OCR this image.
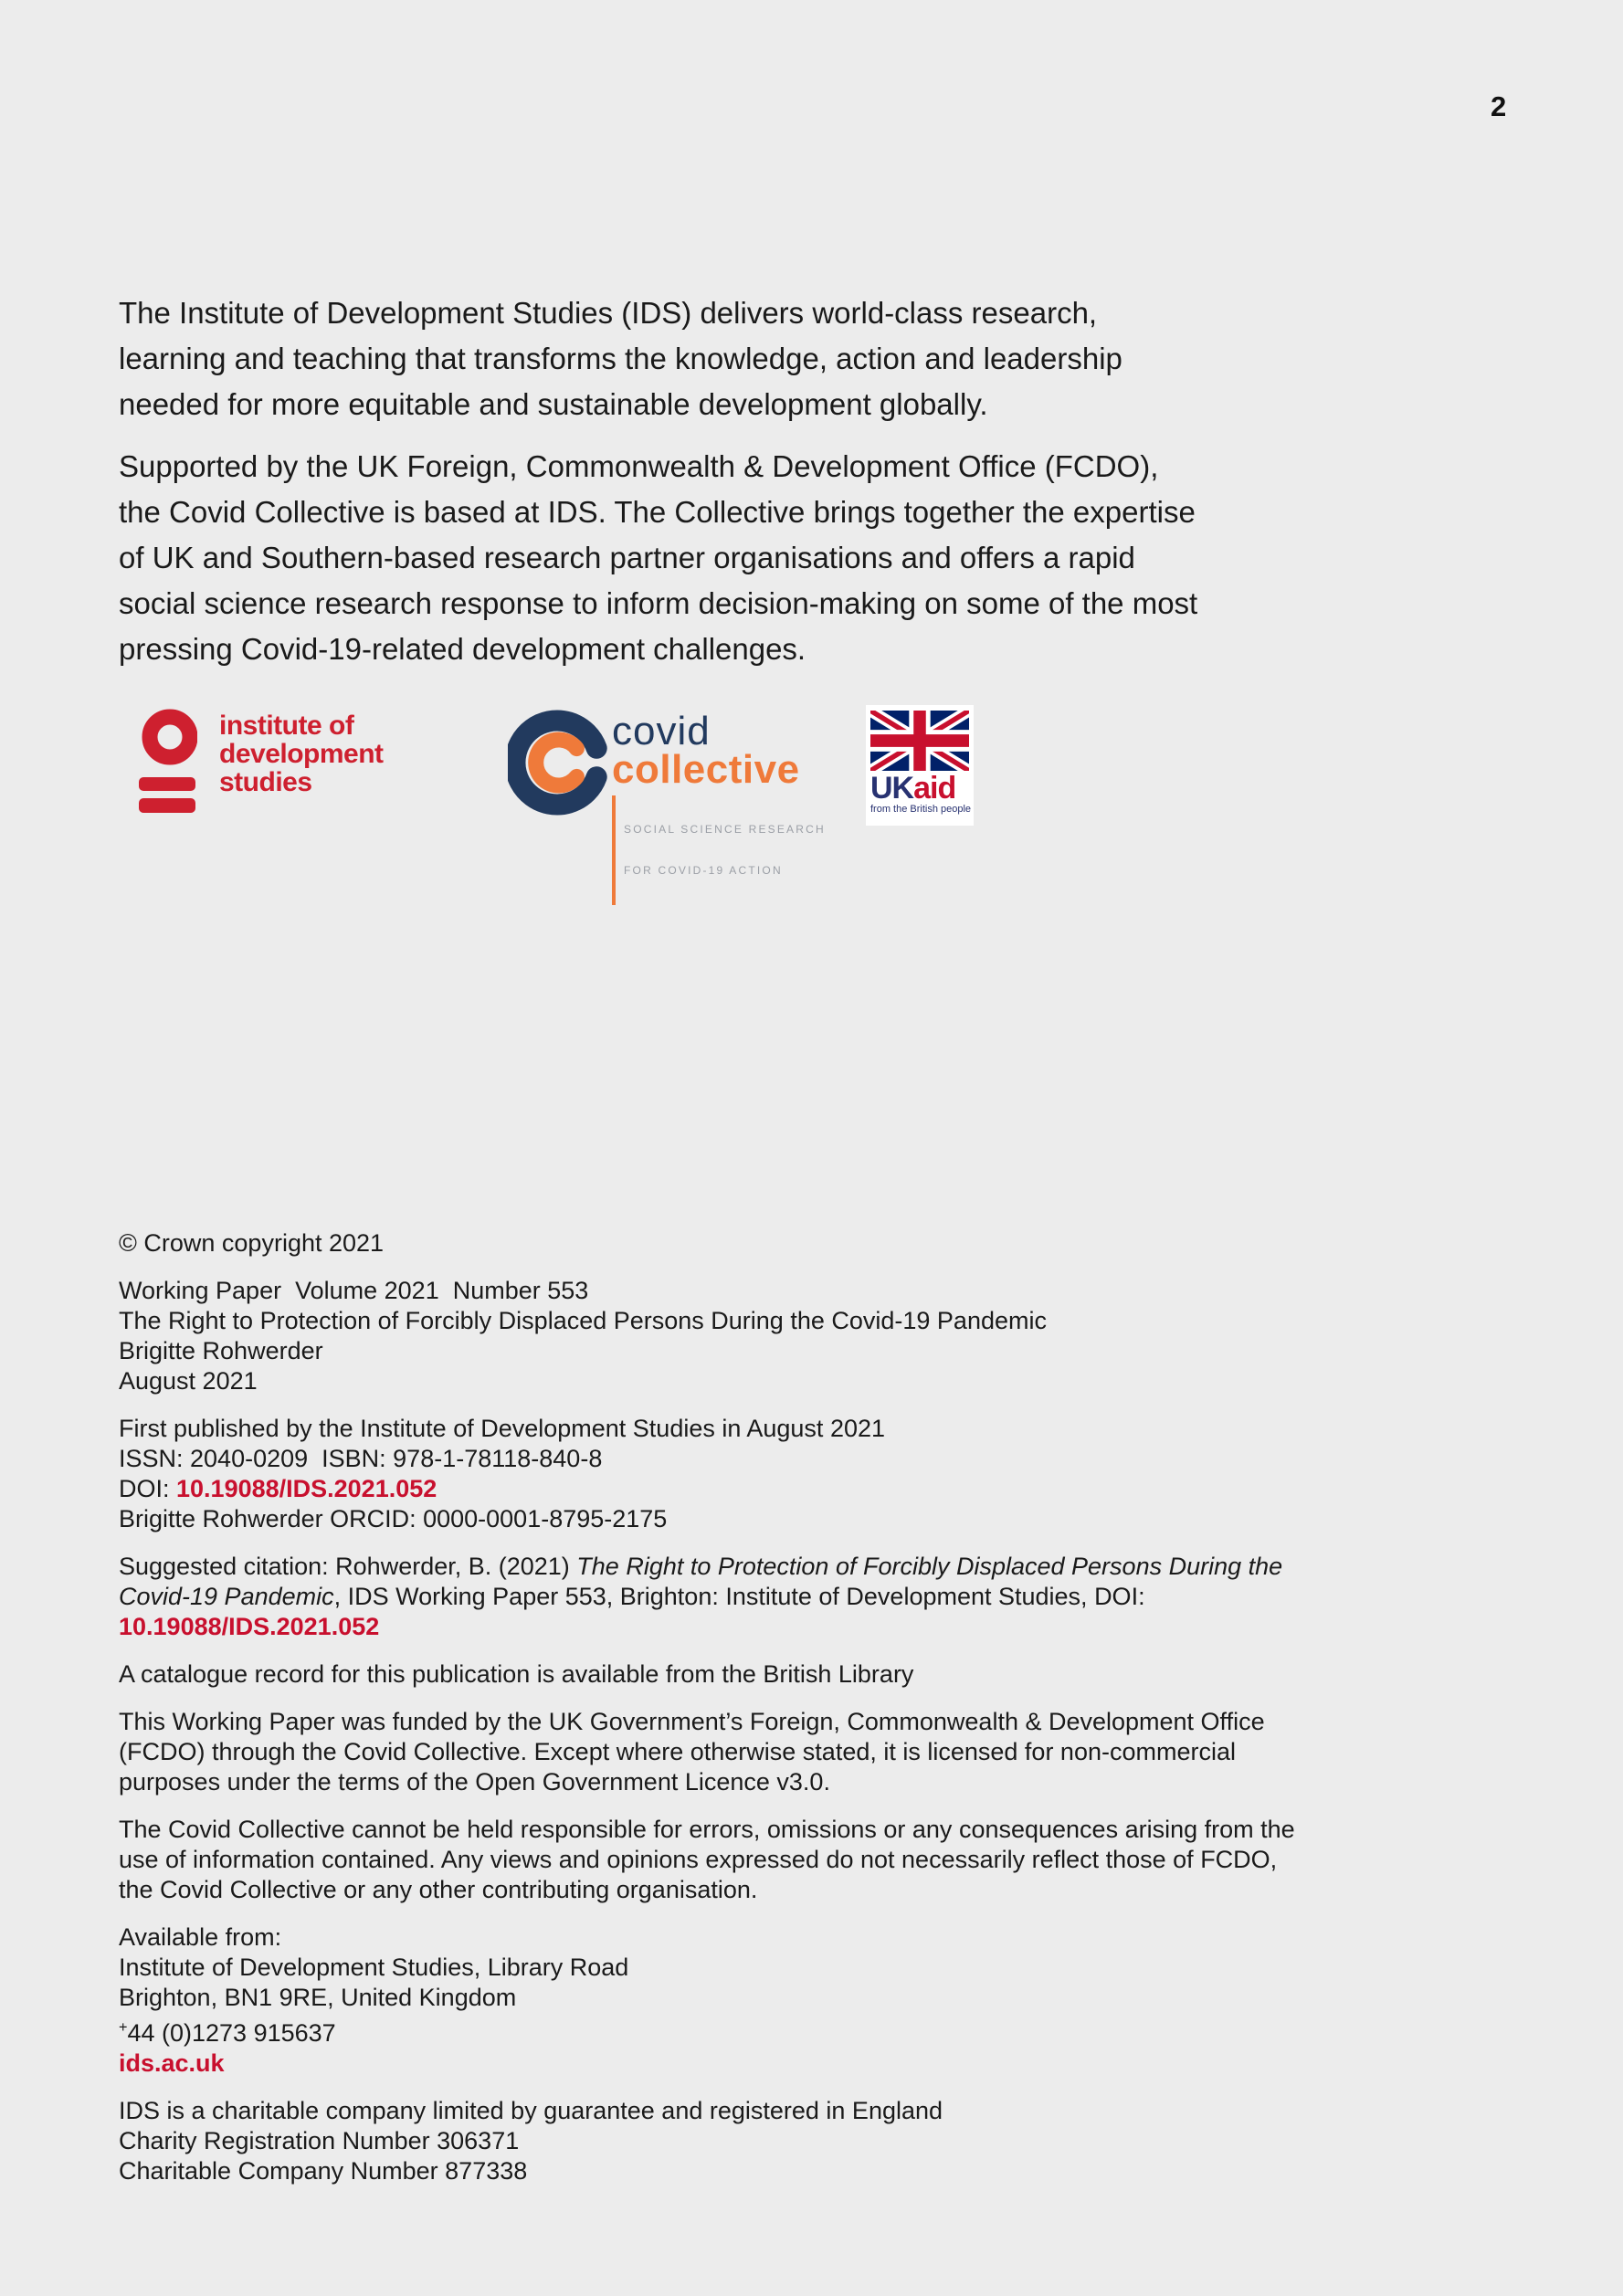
2
The Institute of Development Studies (IDS) delivers world-class research,
learning and teaching that transforms the knowledge, action and leadership
needed for more equitable and sustainable development globally.
Supported by the UK Foreign, Commonwealth & Development Office (FCDO),
the Covid Collective is based at IDS. The Collective brings together the expertise
of UK and Southern-based research partner organisations and offers a rapid
social science research response to inform decision-making on some of the most
pressing Covid-19-related development challenges.
institute of
development
studies
covid
collective

SOCIAL SCIENCE RESEARCH

FOR COVID-19 ACTION

UKaid
from the British people
© Crown copyright 2021
Working Paper  Volume 2021  Number 553
The Right to Protection of Forcibly Displaced Persons During the Covid-19 Pandemic
Brigitte Rohwerder
August 2021
First published by the Institute of Development Studies in August 2021
ISSN: 2040-0209  ISBN: 978-1-78118-840-8
DOI: 10.19088/IDS.2021.052
Brigitte Rohwerder ORCID: 0000-0001-8795-2175
Suggested citation: Rohwerder, B. (2021) The Right to Protection of Forcibly Displaced Persons During the
Covid-19 Pandemic, IDS Working Paper 553, Brighton: Institute of Development Studies, DOI:
10.19088/IDS.2021.052
A catalogue record for this publication is available from the British Library
This Working Paper was funded by the UK Government’s Foreign, Commonwealth & Development Office
(FCDO) through the Covid Collective. Except where otherwise stated, it is licensed for non-commercial
purposes under the terms of the Open Government Licence v3.0.
The Covid Collective cannot be held responsible for errors, omissions or any consequences arising from the
use of information contained. Any views and opinions expressed do not necessarily reflect those of FCDO,
the Covid Collective or any other contributing organisation.
Available from:
Institute of Development Studies, Library Road
Brighton, BN1 9RE, United Kingdom
+44 (0)1273 915637
ids.ac.uk
IDS is a charitable company limited by guarantee and registered in England
Charity Registration Number 306371
Charitable Company Number 877338
